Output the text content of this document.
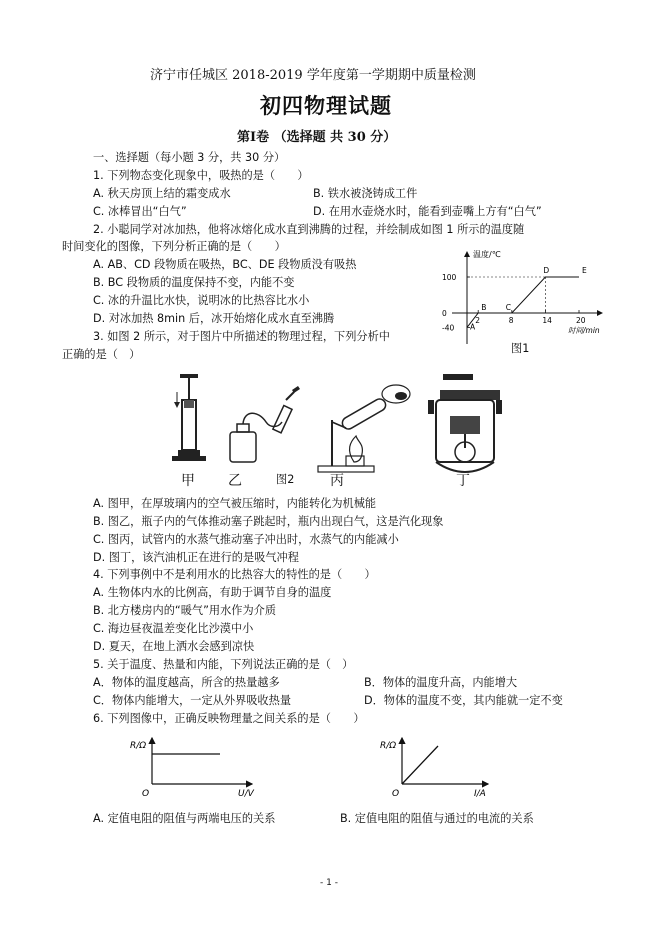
济宁市任城区 2018-2019 学年度第一学期期中质量检测
初四物理试题
第Ⅰ卷 （选择题 共 30 分）
一、选择题（每小题 3 分，共 30 分）
1. 下列物态变化现象中，吸热的是（　　）
A. 秋天房顶上结的霜变成水	B. 铁水被浇铸成工件
C. 冰棒冒出“白气”	D. 在用水壶烧水时，能看到壶嘴上方有“白气”
2. 小聪同学对冰加热，他将冰熔化成水直到沸腾的过程，并绘制成如图 1 所示的温度随
时间变化的图像，下列分析正确的是（　　）
A. AB、CD 段物质在吸热，BC、DE 段物质没有吸热
B. BC 段物质的温度保持不变，内能不变
C. 冰的升温比水快，说明冰的比热容比水小
D. 对冰加热 8min 后，冰开始熔化成水直至沸腾	2	8	14	20
100
0
-40 A
B	C
D	E
温度/℃
时间/min
图1
3. 如图 2 所示，对于图片中所描述的物理过程，下列分析中
正确的是（　）
甲 乙	图2	丙	丁
A. 图甲，在厚玻璃内的空气被压缩时，内能转化为机械能
B. 图乙，瓶子内的气体推动塞子跳起时，瓶内出现白气，这是汽化现象
C. 图丙，试管内的水蒸气推动塞子冲出时，水蒸气的内能减小
D. 图丁，该汽油机正在进行的是吸气冲程
4. 下列事例中不是利用水的比热容大的特性的是（　　）
A. 生物体内水的比例高，有助于调节自身的温度
B. 北方楼房内的“暖气”用水作为介质
C. 海边昼夜温差变化比沙漠中小
D. 夏天，在地上洒水会感到凉快
5. 关于温度、热量和内能，下列说法正确的是（　）
A．物体的温度越高，所含的热量越多	B．物体的温度升高，内能增大
C．物体内能增大，一定从外界吸收热量	D．物体的温度不变，其内能就一定不变
6. 下列图像中，正确反映物理量之间关系的是（　　）
R/Ω
O	U/V
R/Ω
O	I/A
A. 定值电阻的阻值与两端电压的关系	B. 定值电阻的阻值与通过的电流的关系
- 1 -
